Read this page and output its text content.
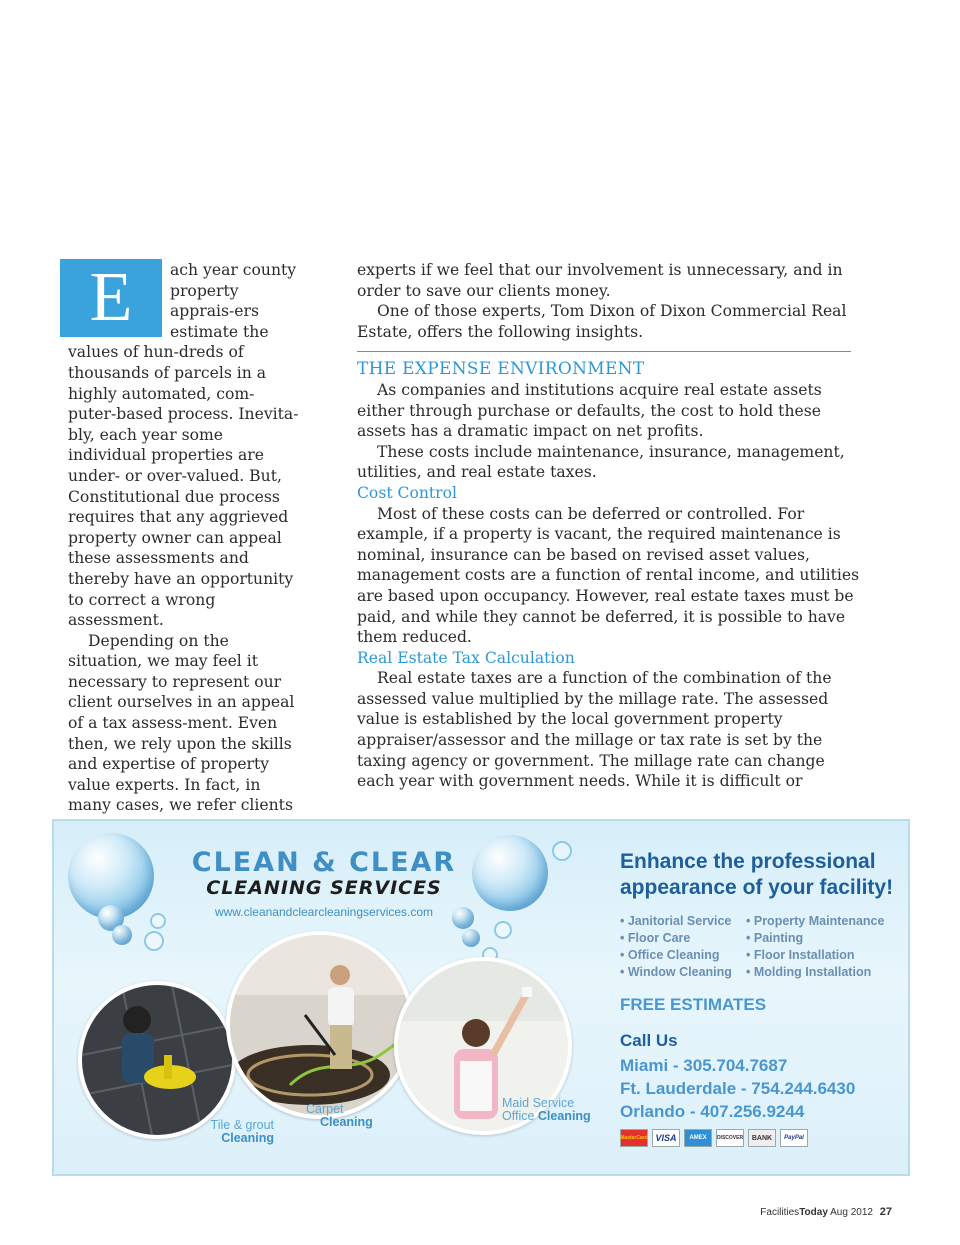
E	ach year county property apprais-ers estimate the values of hun-dreds of thousands of parcels in a highly automated, com-puter-based process. Inevita-bly, each year some individual properties are under- or over-valued. But, Constitutional due process requires that any aggrieved property owner can appeal these assessments and thereby have an opportunity to correct a wrong assessment.

Depending on the situation, we may feel it necessary to represent our client ourselves in an appeal of a tax assess-ment. Even then, we rely upon the skills and expertise of property value experts. In fact, in many cases, we refer clients

experts if we feel that our involvement is unnecessary, and in order to save our clients money.

One of those experts, Tom Dixon of Dixon Commercial Real Estate, offers the following insights.

THE EXPENSE ENVIRONMENT

As companies and institutions acquire real estate assets either through purchase or defaults, the cost to hold these assets has a dramatic impact on net profits.

These costs include maintenance, insurance, management, utilities, and real estate taxes.

Cost Control

Most of these costs can be deferred or controlled. For example, if a property is vacant, the required maintenance is nominal, insurance can be based on revised asset values, management costs are a function of rental income, and utilities are based upon occupancy. However, real estate taxes must be paid, and while they cannot be deferred, it is possible to have them reduced.

Real Estate Tax Calculation

Real estate taxes are a function of the combination of the assessed value multiplied by the millage rate. The assessed value is established by the local government property appraiser/assessor and the millage or tax rate is set by the taxing agency or government. The millage rate can change each year with government needs. While it is difficult or

CLEAN & CLEAR
CLEANING SERVICES
www.cleanandclearcleaningservices.com
Tile & grout
Cleaning
Carpet
Cleaning
Maid Service
Office Cleaning
Enhance the professional appearance of your facility!
• Janitorial Service
• Floor Care
• Office Cleaning
• Window Cleaning
• Property Maintenance
• Painting
• Floor Installation
• Molding Installation
FREE ESTIMATES
Call Us
Miami - 305.704.7687
Ft. Lauderdale - 754.244.6430
Orlando - 407.256.9244
MasterCard VISA	AMEX	DISCOVER	BANK	PayPal
FacilitiesToday Aug 2012 27
